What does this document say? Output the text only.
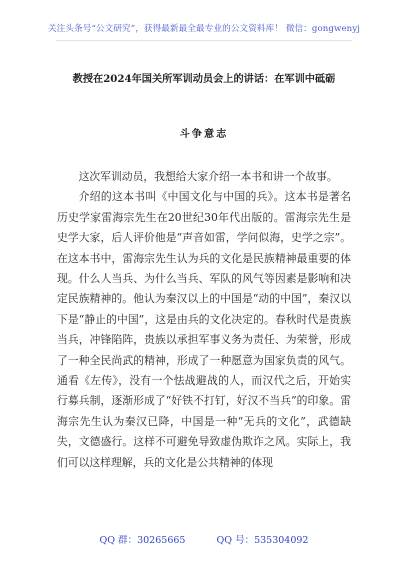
关注头条号“公文研究”，获得最新最全最专业的公文资料库！ 微信：gongwenyj
教授在2024年国关所军训动员会上的讲话：在军训中砥砺
斗争意志

这次军训动员，我想给大家介绍一本书和讲一个故事。

介绍的这本书叫《中国文化与中国的兵》。这本书是著名历史学家雷海宗先生在20世纪30年代出版的。雷海宗先生是史学大家，后人评价他是“声音如雷，学问似海，史学之宗”。在这本书中，雷海宗先生认为兵的文化是民族精神最重要的体现。什么人当兵、为什么当兵、军队的风气等因素是影响和决定民族精神的。他认为秦汉以上的中国是“动的中国”，秦汉以下是“静止的中国”，这是由兵的文化决定的。春秋时代是贵族当兵，冲锋陷阵，贵族以承担军事义务为责任、为荣誉，形成了一种全民尚武的精神，形成了一种愿意为国家负责的风气。通看《左传》，没有一个怯战避战的人，而汉代之后，开始实行募兵制，逐渐形成了“好铁不打钉，好汉不当兵”的印象。雷海宗先生认为秦汉已降，中国是一种“无兵的文化”，武德缺失，文德盛行。这样不可避免导致虚伪欺诈之风。实际上，我们可以这样理解，兵的文化是公共精神的体现

QQ 群：30265665	QQ 号：535304092
